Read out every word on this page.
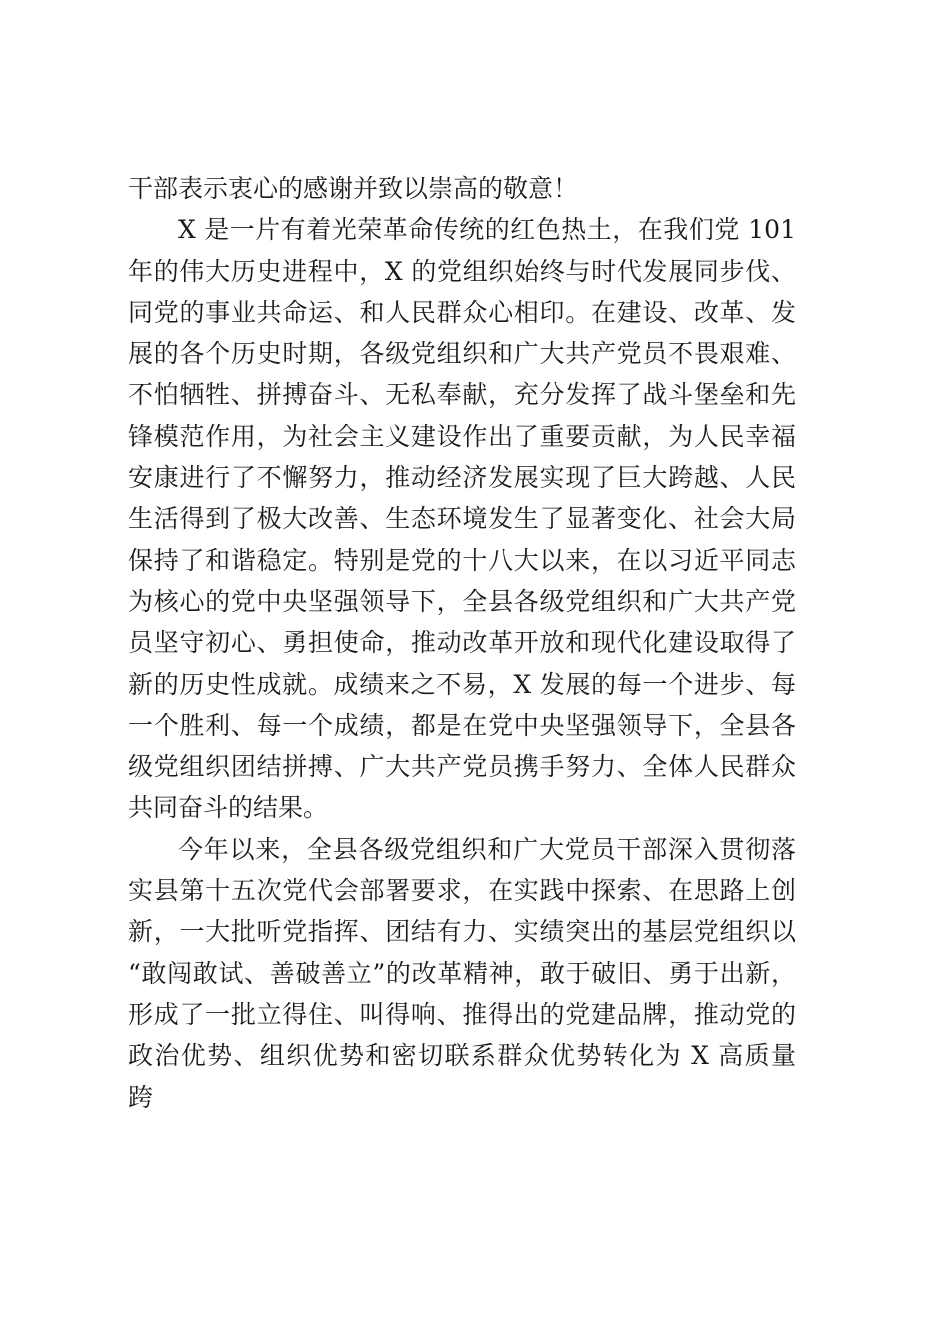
干部表示衷心的感谢并致以崇高的敬意！
X 是一片有着光荣革命传统的红色热土，在我们党 101
年的伟大历史进程中，X 的党组织始终与时代发展同步伐、
同党的事业共命运、和人民群众心相印。在建设、改革、发
展的各个历史时期，各级党组织和广大共产党员不畏艰难、
不怕牺牲、拼搏奋斗、无私奉献，充分发挥了战斗堡垒和先
锋模范作用，为社会主义建设作出了重要贡献，为人民幸福
安康进行了不懈努力，推动经济发展实现了巨大跨越、人民
生活得到了极大改善、生态环境发生了显著变化、社会大局
保持了和谐稳定。特别是党的十八大以来，在以习近平同志
为核心的党中央坚强领导下，全县各级党组织和广大共产党
员坚守初心、勇担使命，推动改革开放和现代化建设取得了
新的历史性成就。成绩来之不易，X 发展的每一个进步、每
一个胜利、每一个成绩，都是在党中央坚强领导下，全县各
级党组织团结拼搏、广大共产党员携手努力、全体人民群众
共同奋斗的结果。
今年以来，全县各级党组织和广大党员干部深入贯彻落
实县第十五次党代会部署要求，在实践中探索、在思路上创
新，一大批听党指挥、团结有力、实绩突出的基层党组织以
“敢闯敢试、善破善立”的改革精神，敢于破旧、勇于出新，
形成了一批立得住、叫得响、推得出的党建品牌，推动党的
政治优势、组织优势和密切联系群众优势转化为 X 高质量
跨
